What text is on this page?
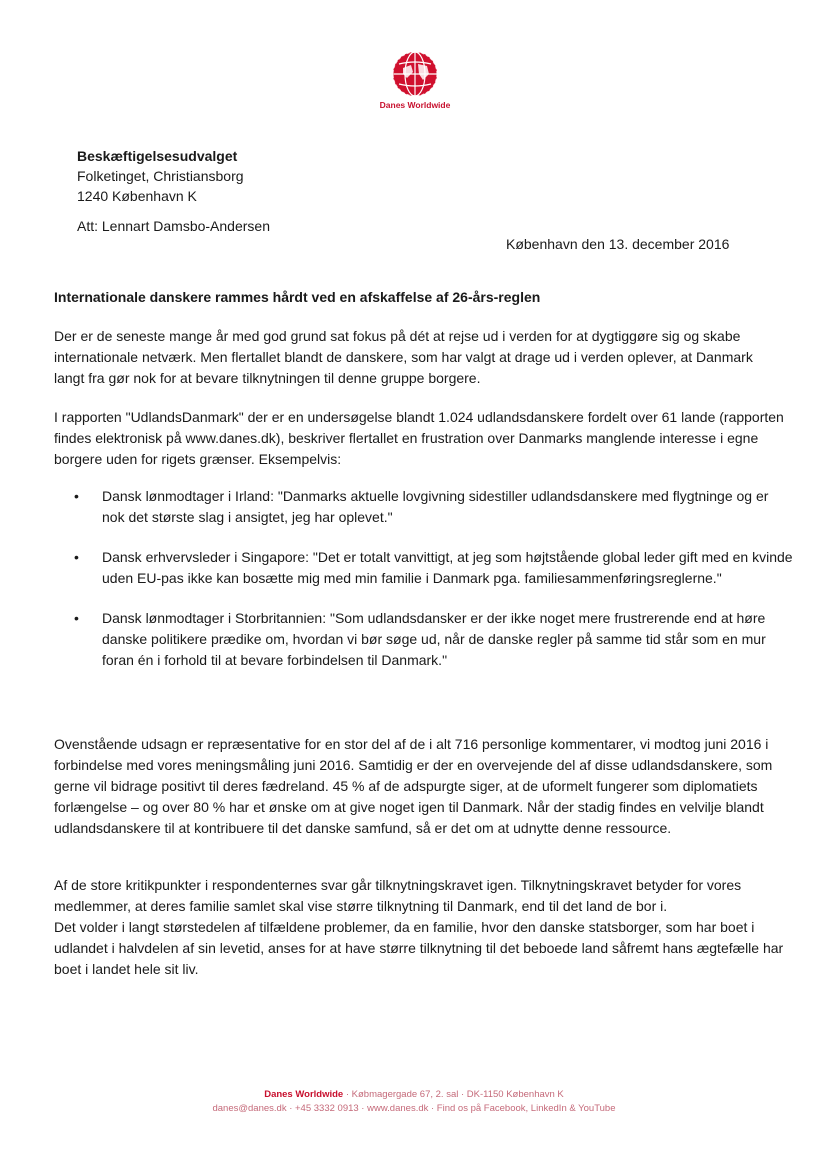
Danes Worldwide
Beskæftigelsesudvalget
Folketinget, Christiansborg
1240 København K
Att: Lennart Damsbo-Andersen
København den 13. december 2016
Internationale danskere rammes hårdt ved en afskaffelse af 26-års-reglen

Der er de seneste mange år med god grund sat fokus på dét at rejse ud i verden for at dygtiggøre sig og skabe internationale netværk. Men flertallet blandt de danskere, som har valgt at drage ud i verden oplever, at Danmark langt fra gør nok for at bevare tilknytningen til denne gruppe borgere.

I rapporten "UdlandsDanmark" der er en undersøgelse blandt 1.024 udlandsdanskere fordelt over 61 lande (rapporten findes elektronisk på www.danes.dk), beskriver flertallet en frustration over Danmarks manglende interesse i egne borgere uden for rigets grænser. Eksempelvis:

• Dansk lønmodtager i Irland: "Danmarks aktuelle lovgivning sidestiller udlandsdanskere med flygtninge og er nok det største slag i ansigtet, jeg har oplevet."
• Dansk erhvervsleder i Singapore: "Det er totalt vanvittigt, at jeg som højtstående global leder gift med en kvinde uden EU-pas ikke kan bosætte mig med min familie i Danmark pga. familiesammenføringsreglerne."
• Dansk lønmodtager i Storbritannien: "Som udlandsdansker er der ikke noget mere frustrerende end at høre danske politikere prædike om, hvordan vi bør søge ud, når de danske regler på samme tid står som en mur foran én i forhold til at bevare forbindelsen til Danmark."

Ovenstående udsagn er repræsentative for en stor del af de i alt 716 personlige kommentarer, vi modtog juni 2016 i forbindelse med vores meningsmåling juni 2016. Samtidig er der en overvejende del af disse udlandsdanskere, som gerne vil bidrage positivt til deres fædreland. 45 % af de adspurgte siger, at de uformelt fungerer som diplomatiets forlængelse – og over 80 % har et ønske om at give noget igen til Danmark. Når der stadig findes en velvilje blandt udlandsdanskere til at kontribuere til det danske samfund, så er det om at udnytte denne ressource.

Af de store kritikpunkter i respondenternes svar går tilknytningskravet igen. Tilknytningskravet betyder for vores medlemmer, at deres familie samlet skal vise større tilknytning til Danmark, end til det land de bor i.
Det volder i langt størstedelen af tilfældene problemer, da en familie, hvor den danske statsborger, som har boet i udlandet i halvdelen af sin levetid, anses for at have større tilknytning til det beboede land såfremt hans ægtefælle har boet i landet hele sit liv.
Danes Worldwide · Købmagergade 67, 2. sal · DK-1150 København K
danes@danes.dk · +45 3332 0913 · www.danes.dk · Find os på Facebook, LinkedIn & YouTube
